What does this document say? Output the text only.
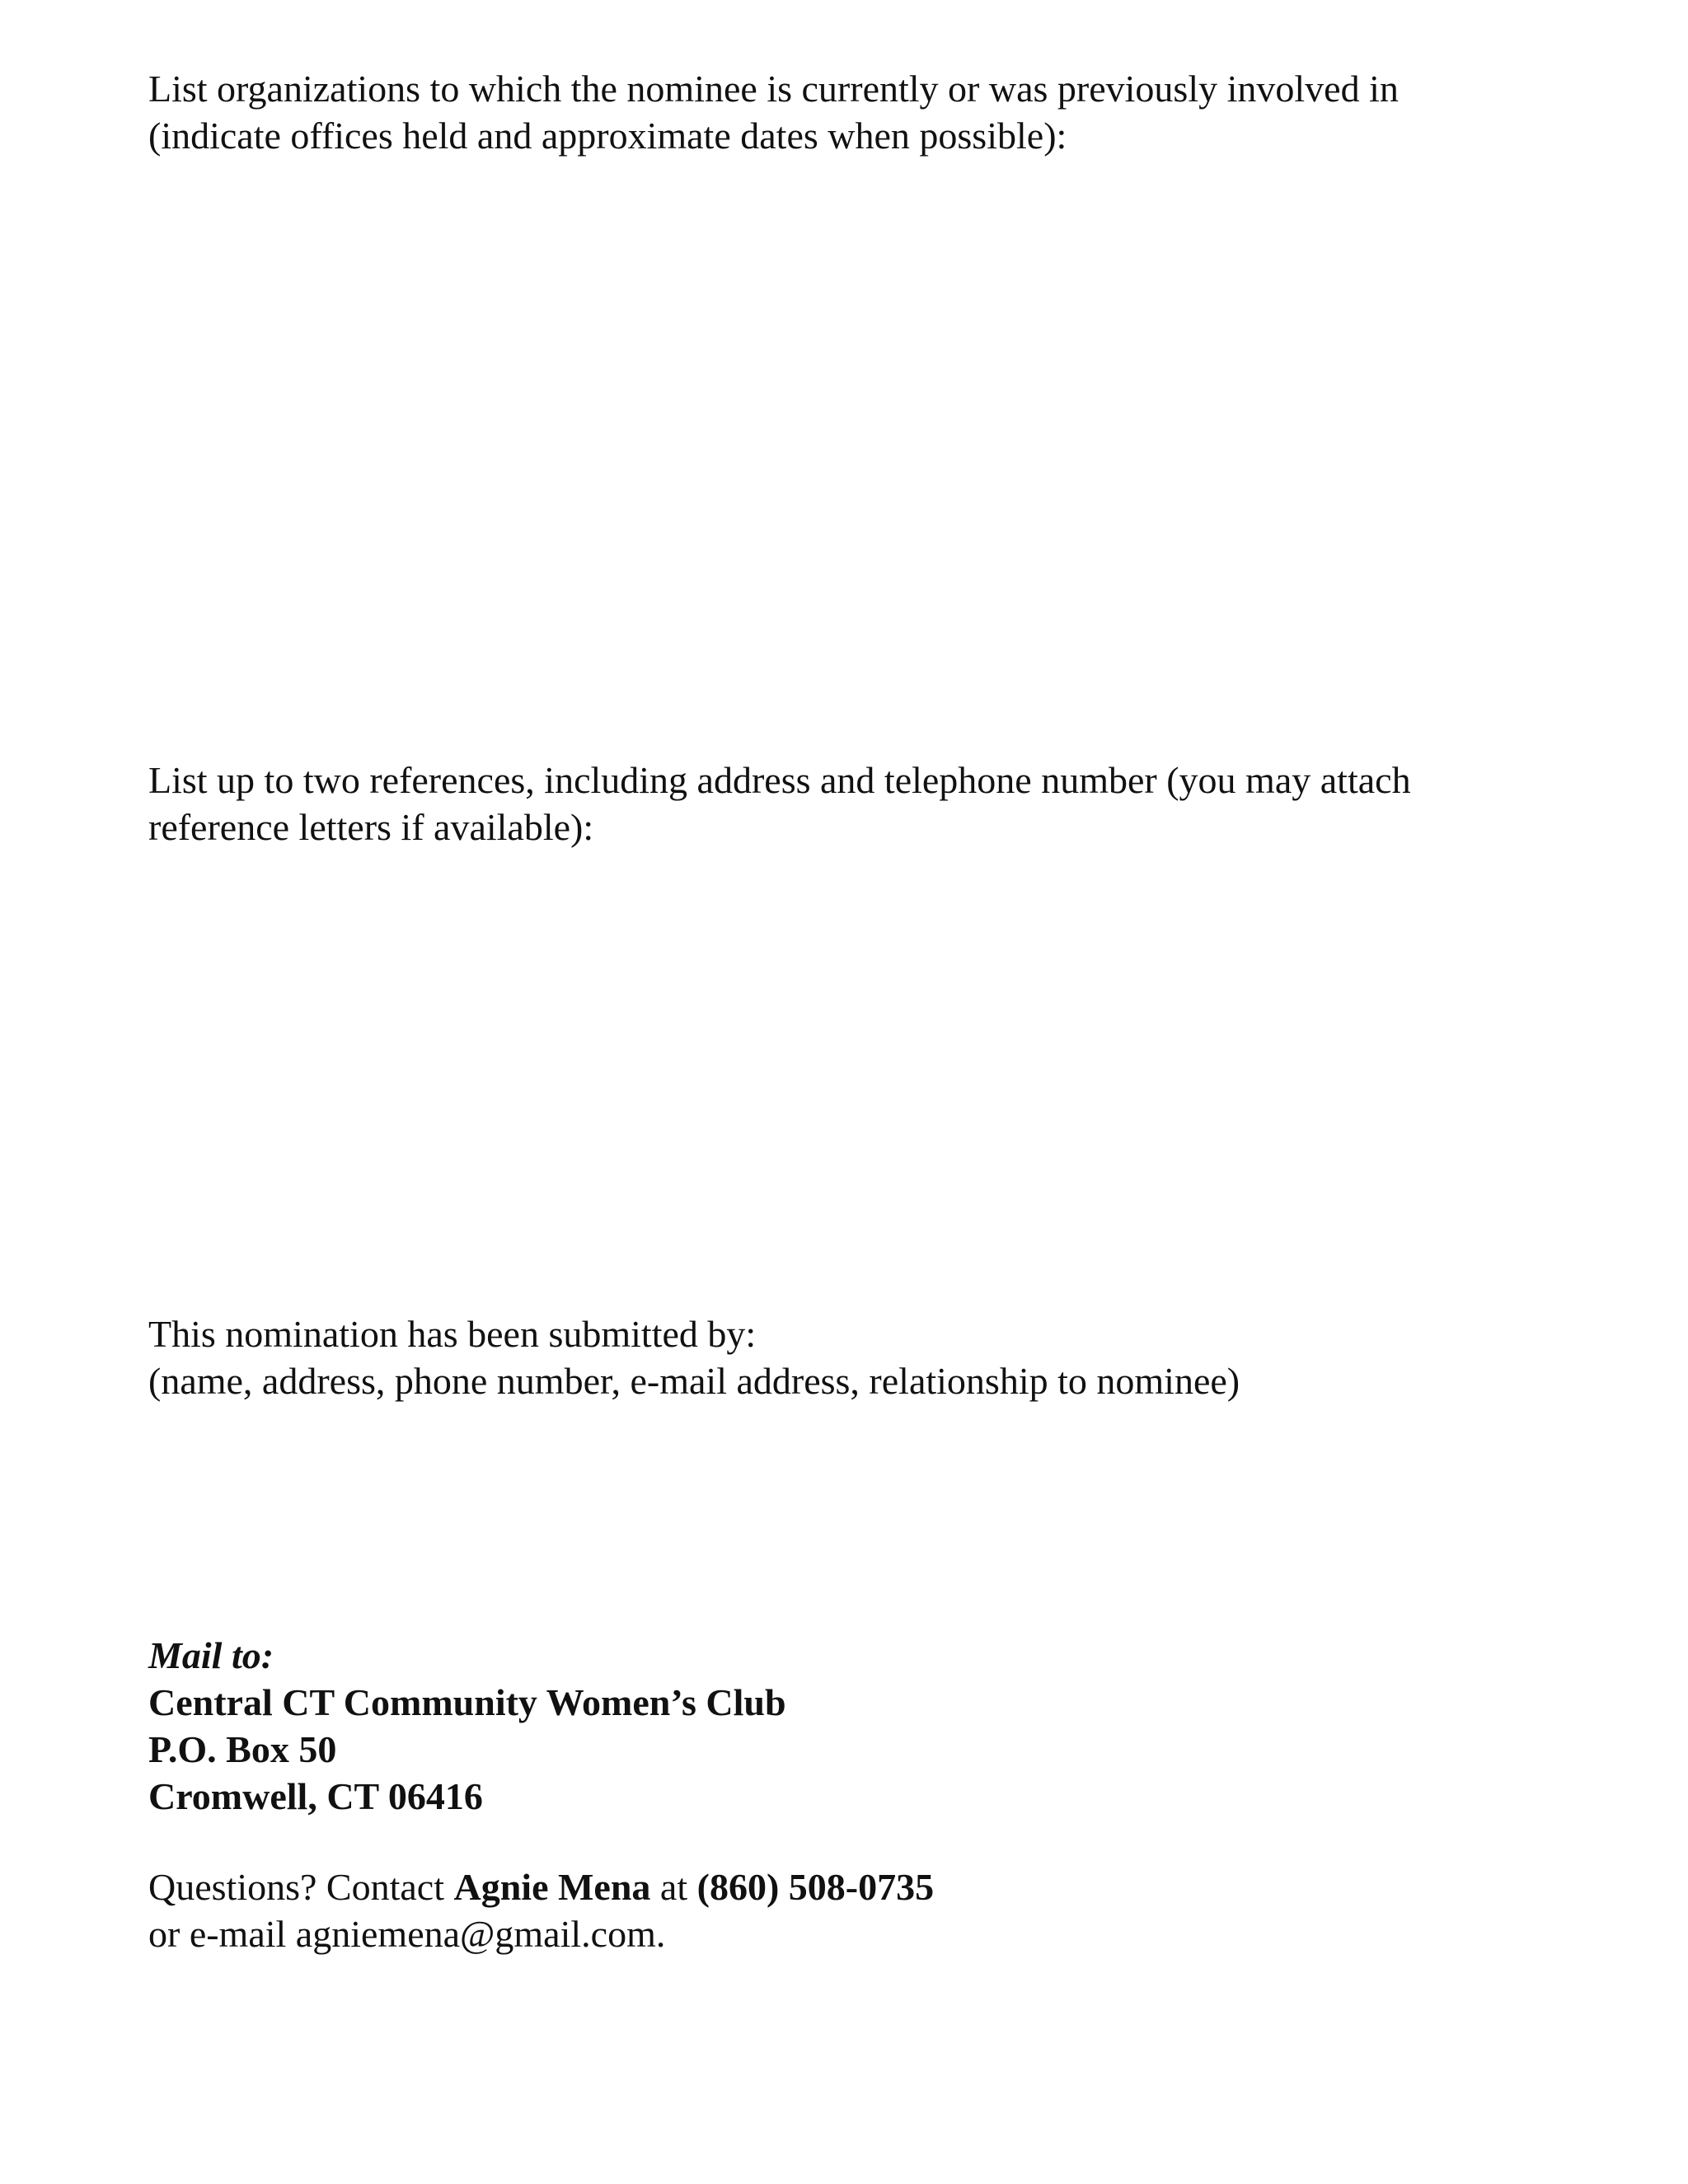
List organizations to which the nominee is currently or was previously involved in
(indicate offices held and approximate dates when possible):
List up to two references, including address and telephone number (you may attach
reference letters if available):
This nomination has been submitted by:
(name, address, phone number, e-mail address, relationship to nominee)
Mail to:
Central CT Community Women’s Club
P.O. Box 50
Cromwell, CT 06416
Questions? Contact Agnie Mena at (860) 508-0735
or e-mail agniemena@gmail.com.
